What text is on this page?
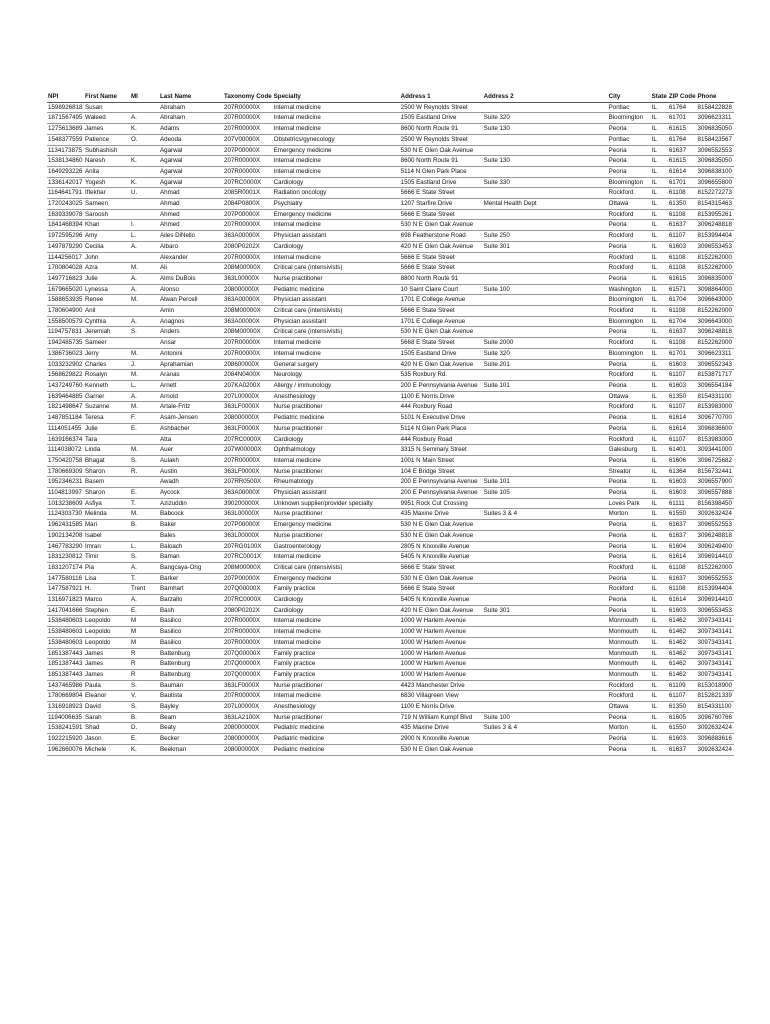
NPI	First Name	MI	Last Name	Taxonomy Code	Specialty	Address 1	Address 2	City	State	ZIP Code	Phone
1598926818	Susan		Abraham	207R00000X	Internal medicine	2500 W Reynolds Street		Pontiac	IL	61764	8158422828
1871567495	Waleed	A.	Abraham	207R00000X	Internal medicine	1505 Eastland Drive	Suite 320	Bloomington	IL	61701	3096623311
1275613689	James	K.	Adams	207R00000X	Internal medicine	8600 North Route 91	Suite 130	Peoria	IL	61615	3096835050
1548377559	Patience	O.	Adeoda	207V00000X	Obstetrics/gynecology	2500 W Reynolds Street		Pontiac	IL	61764	8158423567
1134173875	Subhashish		Agarwal	207P00000X	Emergency medicine	530 N E Glen Oak Avenue		Peoria	IL	61637	3096552553
1538134860	Naresh	K.	Agarwal	207R00000X	Internal medicine	8600 North Route 91	Suite 130	Peoria	IL	61615	3096835050
1649293226	Anita		Agarwal	207R00000X	Internal medicine	5114 N Glen Park Place		Peoria	IL	61614	3096838100
1336142017	Yogesh	K.	Agarwal	207RC0000X	Cardiology	1505 Eastland Drive	Suite 330	Bloomington	IL	61701	3096655800
1164641791	Iftekhar	U.	Ahmad	2085R0001X	Radiation oncology	5666 E State Street		Rockford	IL	61108	8152272273
1720243025	Sameen		Ahmad	2084P0800X	Psychiatry	1207 Starfire Drive	Mental Health Dept	Ottawa	IL	61350	8154315463
1639339078	Saroosh		Ahmed	207P00000X	Emergency medicine	5666 E State Street		Rockford	IL	61108	8153955261
1841468394	Khan	I.	Ahmed	207R00000X	Internal medicine	530 N E Glen Oak Avenue		Peoria	IL	61637	3096248818
1972595296	Amy	L.	Ailes DiNello	363A00000X	Physician assistant	698 Featherstone Road	Suite 250	Rockford	IL	61107	8153994404
1497879290	Cecilia	A.	Albaro	2080P0202X	Cardiology	420 N E Glen Oak Avenue	Suite 301	Peoria	IL	61603	3096553453
1144256017	John		Alexander	207R00000X	Internal medicine	5666 E State Street		Rockford	IL	61108	8152262000
1700804028	Azra	M.	Ali	208M00000X	Critical care (intensivists)	5666 E State Street		Rockford	IL	61108	8152262000
1497716823	Julie	A.	Alms DuBois	363L00000X	Nurse practitioner	8800 North Route 91		Peoria	IL	61615	3096835000
1679665020	Lynessa	A.	Alonso	208000000X	Pediatric medicine	10 Saint Claire Court	Suite 100	Washington	IL	61571	3098864000
1588653935	Renee	M.	Alwan Percell	363A00000X	Physician assistant	1701 E College Avenue		Bloomington	IL	61704	3096643000
1780604900	Anil		Amin	208M00000X	Critical care (intensivists)	5666 E State Street		Rockford	IL	61108	8152262000
1558500579	Cynthia	A.	Anagnos	363A00000X	Physician assistant	1701 E College Avenue		Bloomington	IL	61704	3096643000
1194757831	Jeremiah	S.	Anders	208M00000X	Critical care (intensivists)	530 N E Glen Oak Avenue		Peoria	IL	61637	3096248818
1942485735	Sameer		Ansar	207R00000X	Internal medicine	5668 E State Street	Suite 2000	Rockford	IL	61108	8152262000
1386736023	Jerry	M.	Antonini	207R00000X	Internal medicine	1505 Eastland Drive	Suite 320	Bloomington	IL	61701	3096623311
1033232902	Charles	J.	Aprahamian	208600000X	General surgery	420 N E Glen Oak Avenue	Suite 201	Peoria	IL	61603	3096552343
1568629822	Rosalyn	M.	Aranas	2084N0400X	Neurology	535 Roxbury Rd.		Rockford	IL	61107	8153871717
1437249760	Kenneth	L.	Arnett	207KA0200X	Allergy / immunology	200 E Pennsylvania Avenue	Suite 101	Peoria	IL	61603	3096554184
1639464885	Garner	A.	Arnold	207L00000X	Anesthesiology	1100 E Norris Drive		Ottawa	IL	61350	8154331100
1821498647	Suzanne	M.	Artale-Fritz	363LF0000X	Nurse practitioner	444 Roxbury Road		Rockford	IL	61107	8153983000
1487851184	Teresa	F.	Asam-Jensen	208000000X	Pediatric medicine	5101 N Executive Drive		Peoria	IL	61614	3096770700
1114051455	Julie	E.	Ashbacher	363LF0000X	Nurse practitioner	5114 N Glen Park Place		Peoria	IL	61614	3096836600
1639166374	Tara		Atta	207RC0000X	Cardiology	444 Roxbury Road		Rockford	IL	61107	8153983000
1114038072	Linda	M.	Auer	207W00000X	Ophthalmology	3315 N Seminary Street		Galesburg	IL	61401	3093441000
1750420758	Bhagat	S.	Aulakh	207R00000X	Internal medicine	1001 N Main Street		Peoria	IL	61606	3096725682
1780669309	Sharon	R.	Austin	363LF0000X	Nurse practitioner	104 E Bridge Street		Streator	IL	61364	8156732441
1952346231	Basem		Awadh	207RR0500X	Rheumatology	200 E Pennsylvania Avenue	Suite 101	Peoria	IL	61603	3096557900
1104813997	Sharon	E.	Aycock	363A00000X	Physician assistant	200 E Pennsylvania Avenue	Suite 105	Peoria	IL	61603	3096557888
1013238609	Asfiya	T.	Azizuddin	390200000X	Unknown supplier/provider specialty	9951 Rock Cut Crossing		Loves Park	IL	61111	8156398450
1124303730	Melinda	M.	Babcock	363L00000X	Nurse practitioner	435 Maxine Drive	Suites 3 & 4	Morton	IL	61550	3092632424
1962431585	Mari	B.	Baker	207P00000X	Emergency medicine	530 N E Glen Oak Avenue		Peoria	IL	61637	3096552553
1902134208	Isabel		Bales	363L00000X	Nurse practitioner	530 N E Glen Oak Avenue		Peoria	IL	61637	3096248818
1467783290	Imran	L.	Baloach	207RG0100X	Gastroenterology	2805 N Knoxville Avenue		Peoria	IL	61604	3096249400
1831230812	Timir	S.	Baman	207RC0001X	Internal medicine	5405 N Knoxville Avenue		Peoria	IL	61614	3096914410
1831207174	Pia	A.	Bangcaya-Ong	208M00000X	Critical care (intensivists)	5666 E State Street		Rockford	IL	61108	8152262000
1477580116	Lisa	T.	Barker	207P00000X	Emergency medicine	530 N E Glen Oak Avenue		Peoria	IL	61637	3096552553
1477587921	H.	Trent	Barnhart	207Q00000X	Family practice	5666 E State Street		Rockford	IL	61108	8153994404
1316971823	Marco	A.	Barzallo	207RC0000X	Cardiology	5405 N Knoxville Avenue		Peoria	IL	61614	3096914410
1417041666	Stephen	E.	Bash	2080P0202X	Cardiology	420 N E Glen Oak Avenue	Suite 301	Peoria	IL	61603	3096553453
1538480603	Leopoldo	M	Basilico	207R00000X	Internal medicine	1000 W Harlem Avenue		Monmouth	IL	61462	3097343141
1538480603	Leopoldo	M	Basilico	207R00000X	Internal medicine	1000 W Harlem Avenue		Monmouth	IL	61462	3097343141
1538480603	Leopoldo	M	Basilico	207R00000X	Internal medicine	1000 W Harlem Avenue		Monmouth	IL	61462	3097343141
1851387443	James	R	Battenburg	207Q00000X	Family practice	1000 W Harlem Avenue		Monmouth	IL	61462	3097343141
1851387443	James	R	Battenburg	207Q00000X	Family practice	1000 W Harlem Avenue		Monmouth	IL	61462	3097343141
1851387443	James	R	Battenburg	207Q00000X	Family practice	1000 W Harlem Avenue		Monmouth	IL	61462	3097343141
1437465986	Paula	S.	Bauman	363LF0000X	Nurse practitioner	4423 Manchester Drive		Rockford	IL	61109	8153018900
1780669804	Eleanor	V.	Bautista	207R00000X	Internal medicine	6830 Villagreen View		Rockford	IL	61107	8152821339
1316918923	David	S.	Bayley	207L00000X	Anesthesiology	1100 E Norris Drive		Ottawa	IL	61350	8154331100
1194006635	Sarah	B.	Beam	363LA2100X	Nurse practitioner	719 N William Kumpf Blvd	Suite 100	Peoria	IL	61605	3096760766
1538241591	Shad	D.	Beaty	208000000X	Pediatric medicine	435 Maxine Drive	Suites 3 & 4	Morton	IL	61550	3092632424
1922215920	Jason	E.	Becker	208000000X	Pediatric medicine	2900 N Knoxville Avenue		Peoria	IL	61603	3096883616
1962660076	Michele	K.	Beekman	208000000X	Pediatric medicine	530 N E Glen Oak Avenue		Peoria	IL	61637	3092632424
